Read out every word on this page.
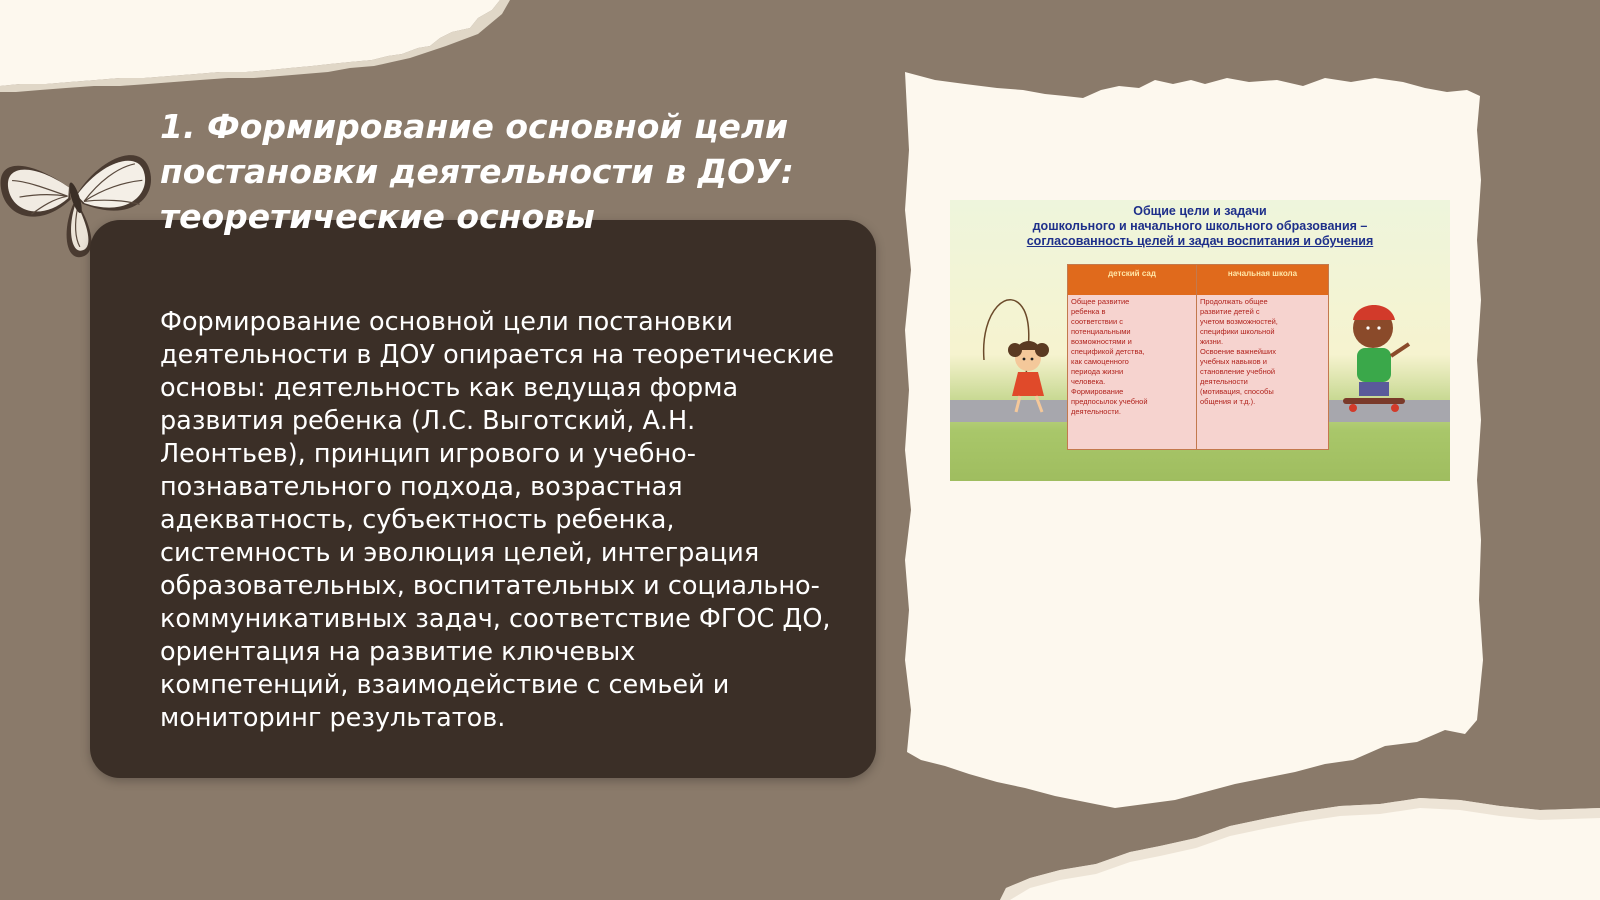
1. Формирование основной цели
постановки деятельности в ДОУ:
теоретические основы

Формирование основной цели постановки
деятельности в ДОУ опирается на теоретические
основы: деятельность как ведущая форма
развития ребенка (Л.С. Выготский, А.Н.
Леонтьев), принцип игрового и учебно-
познавательного подхода, возрастная
адекватность, субъектность ребенка,
системность и эволюция целей, интеграция
образовательных, воспитательных и социально-
коммуникативных задач, соответствие ФГОС ДО,
ориентация на развитие ключевых
компетенций, взаимодействие с семьей и
мониторинг результатов.

Общие цели и задачи
дошкольного и начального школьного образования –
согласованность целей и задач воспитания и обучения
детский сад	начальная школа
Общее развитие
ребенка в
соответствии с
потенциальными
возможностями и
спецификой детства,
как самоценного
периода жизни
человека.
Формирование
предпосылок учебной
деятельности.
Продолжать общее
развитие детей с
учетом возможностей,
специфики школьной
жизни.
Освоение важнейших
учебных навыков и
становление учебной
деятельности
(мотивация, способы
общения и т.д.).
